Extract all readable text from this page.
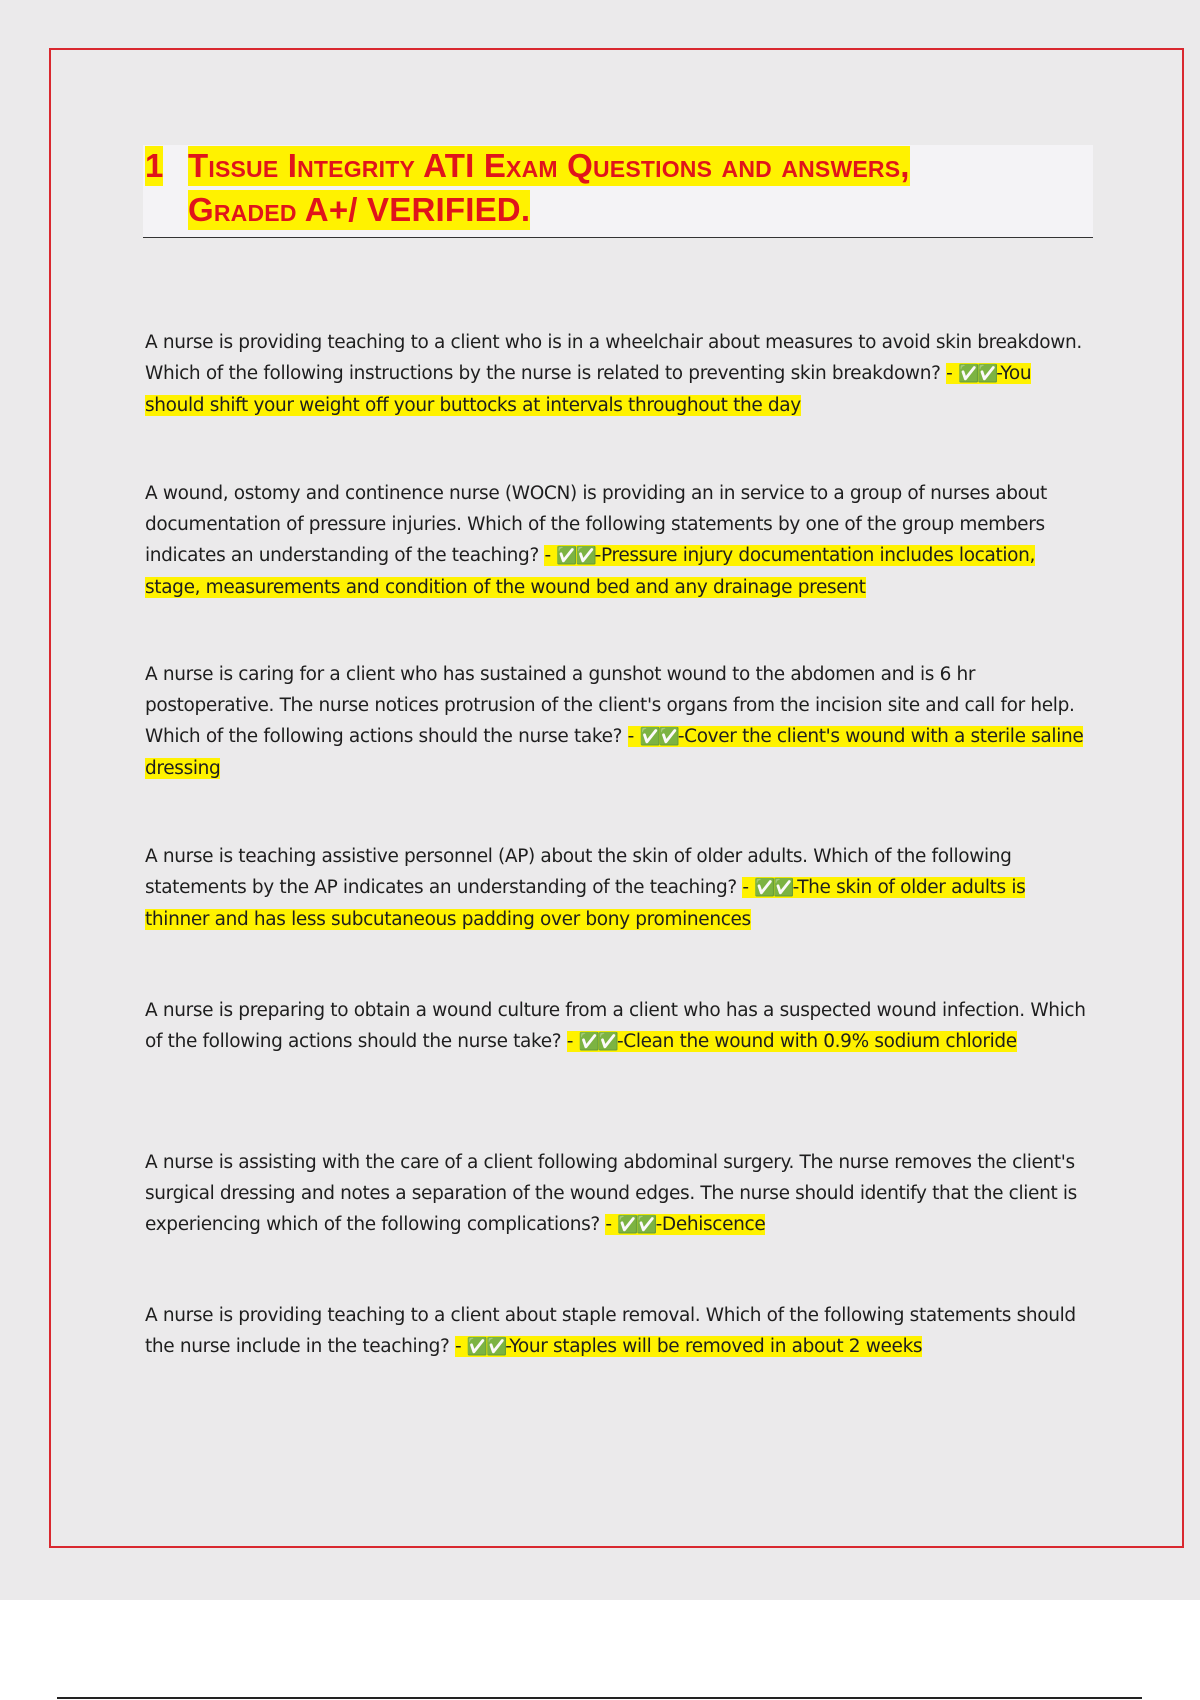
1 Tissue Integrity ATI Exam Questions and answers,
Graded A+/ VERIFIED.
A nurse is providing teaching to a client who is in a wheelchair about measures to avoid skin breakdown. Which of the following instructions by the nurse is related to preventing skin breakdown? - ✅✅-You should shift your weight off your buttocks at intervals throughout the day
A wound, ostomy and continence nurse (WOCN) is providing an in service to a group of nurses about documentation of pressure injuries. Which of the following statements by one of the group members indicates an understanding of the teaching? - ✅✅-Pressure injury documentation includes location, stage, measurements and condition of the wound bed and any drainage present
A nurse is caring for a client who has sustained a gunshot wound to the abdomen and is 6 hr postoperative. The nurse notices protrusion of the client's organs from the incision site and call for help. Which of the following actions should the nurse take? - ✅✅-Cover the client's wound with a sterile saline dressing
A nurse is teaching assistive personnel (AP) about the skin of older adults. Which of the following statements by the AP indicates an understanding of the teaching? - ✅✅-The skin of older adults is thinner and has less subcutaneous padding over bony prominences
A nurse is preparing to obtain a wound culture from a client who has a suspected wound infection. Which of the following actions should the nurse take? - ✅✅-Clean the wound with 0.9% sodium chloride
A nurse is assisting with the care of a client following abdominal surgery. The nurse removes the client's surgical dressing and notes a separation of the wound edges. The nurse should identify that the client is experiencing which of the following complications? - ✅✅-Dehiscence
A nurse is providing teaching to a client about staple removal. Which of the following statements should the nurse include in the teaching? - ✅✅-Your staples will be removed in about 2 weeks
